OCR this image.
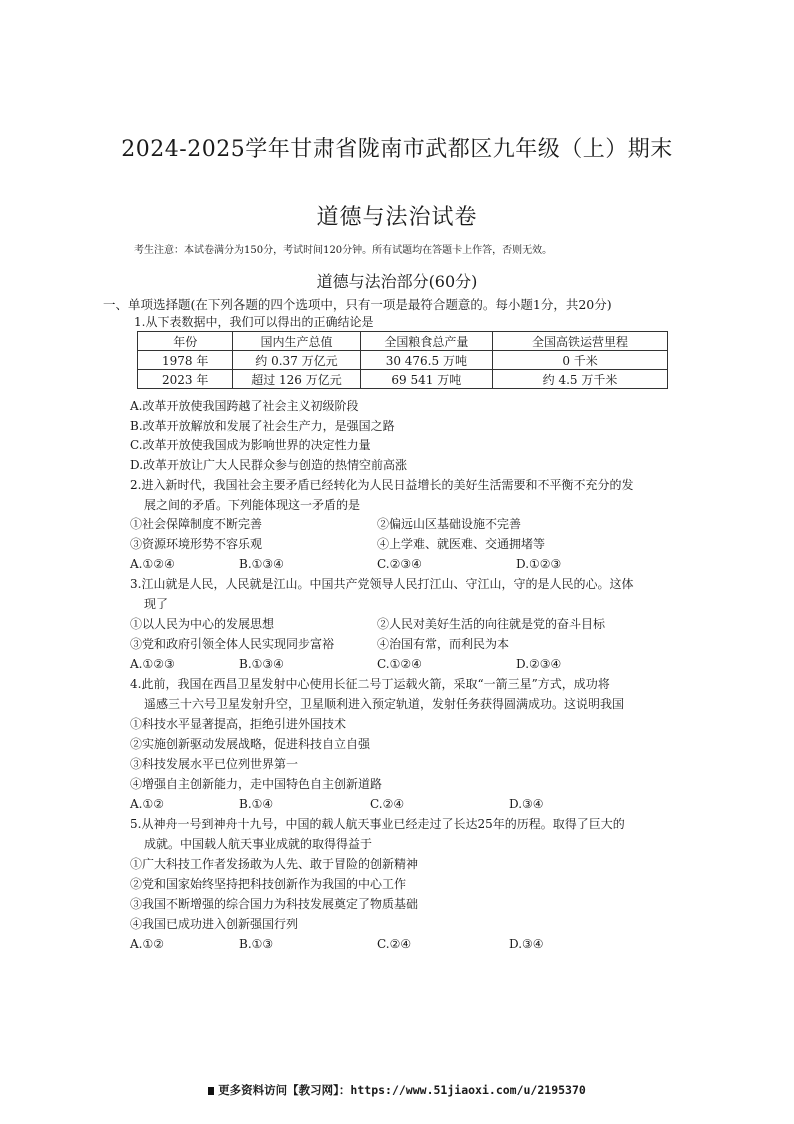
2024-2025学年甘肃省陇南市武都区九年级（上）期末
道德与法治试卷
考生注意：本试卷满分为150分，考试时间120分钟。所有试题均在答题卡上作答，否则无效。
道德与法治部分(60分)
一、单项选择题(在下列各题的四个选项中，只有一项是最符合题意的。每小题1分，共20分)
1.从下表数据中，我们可以得出的正确结论是
年份	国内生产总值	全国粮食总产量	全国高铁运营里程
1978 年	约 0.37 万亿元	30 476.5 万吨	0 千米
2023 年	超过 126 万亿元	69 541 万吨	约 4.5 万千米
A.改革开放使我国跨越了社会主义初级阶段
B.改革开放解放和发展了社会生产力，是强国之路
C.改革开放使我国成为影响世界的决定性力量
D.改革开放让广大人民群众参与创造的热情空前高涨
2.进入新时代，我国社会主要矛盾已经转化为人民日益增长的美好生活需要和不平衡不充分的发
展之间的矛盾。下列能体现这一矛盾的是
①社会保障制度不断完善	②偏远山区基础设施不完善
③资源环境形势不容乐观	④上学难、就医难、交通拥堵等
A.①②④	B.①③④	C.②③④	D.①②③
3.江山就是人民，人民就是江山。中国共产党领导人民打江山、守江山，守的是人民的心。这体
现了
①以人民为中心的发展思想	②人民对美好生活的向往就是党的奋斗目标
③党和政府引领全体人民实现同步富裕	④治国有常，而利民为本
A.①②③	B.①③④	C.①②④	D.②③④
4.此前，我国在西昌卫星发射中心使用长征二号丁运载火箭，采取“一箭三星”方式，成功将
遥感三十六号卫星发射升空，卫星顺利进入预定轨道，发射任务获得圆满成功。这说明我国
①科技水平显著提高，拒绝引进外国技术
②实施创新驱动发展战略，促进科技自立自强
③科技发展水平已位列世界第一
④增强自主创新能力，走中国特色自主创新道路
A.①②	B.①④	C.②④	D.③④
5.从神舟一号到神舟十九号，中国的载人航天事业已经走过了长达25年的历程。取得了巨大的
成就。中国载人航天事业成就的取得得益于
①广大科技工作者发扬敢为人先、敢于冒险的创新精神
②党和国家始终坚持把科技创新作为我国的中心工作
③我国不断增强的综合国力为科技发展奠定了物质基础
④我国已成功进入创新强国行列
A.①②	B.①③	C.②④	D.③④
更多资料访问【教习网】：https://www.51jiaoxi.com/u/2195370
